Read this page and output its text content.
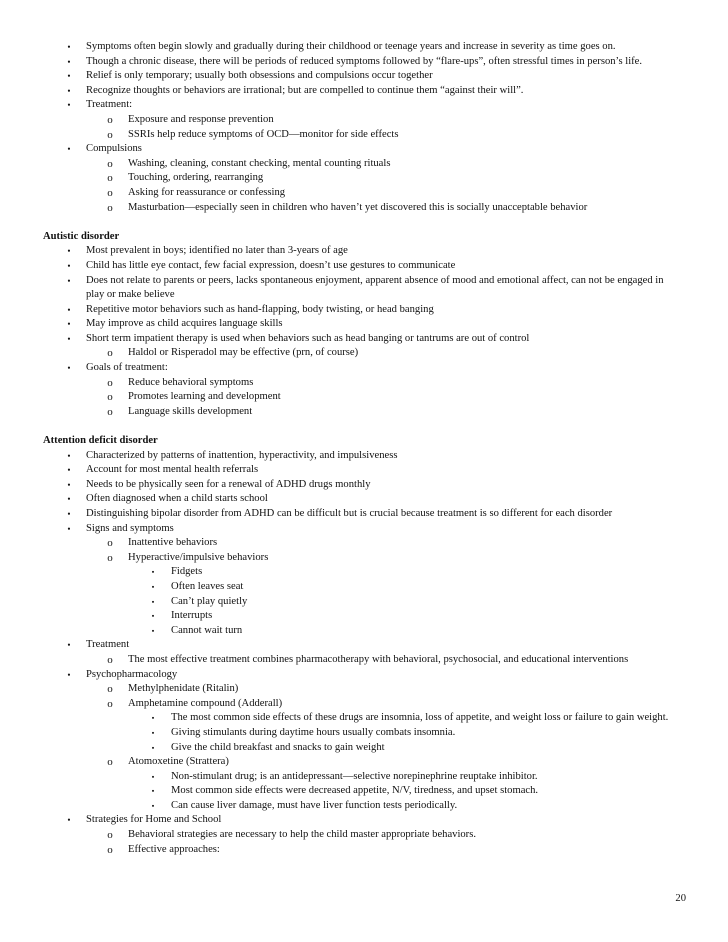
•	Symptoms often begin slowly and gradually during their childhood or teenage years and increase in severity as time goes on.
•	Though a chronic disease, there will be periods of reduced symptoms followed by “flare-ups”, often stressful times in person’s life.
•	Relief is only temporary; usually both obsessions and compulsions occur together
•	Recognize thoughts or behaviors are irrational; but are compelled to continue them “against their will”.
•	Treatment:
o	Exposure and response prevention
o	SSRIs help reduce symptoms of OCD—monitor for side effects
•	Compulsions
o	Washing, cleaning, constant checking, mental counting rituals
o	Touching, ordering, rearranging
o	Asking for reassurance or confessing
o	Masturbation—especially seen in children who haven’t yet discovered this is socially unacceptable behavior
Autistic disorder
•	Most prevalent in boys; identified no later than 3-years of age
•	Child has little eye contact, few facial expression, doesn’t use gestures to communicate
•	Does not relate to parents or peers, lacks spontaneous enjoyment, apparent absence of mood and emotional affect, can not be engaged in play or make believe
•	Repetitive motor behaviors such as hand-flapping, body twisting, or head banging
•	May improve as child acquires language skills
•	Short term impatient therapy is used when behaviors such as head banging or tantrums are out of control
o	Haldol or Risperadol may be effective (prn, of course)
•	Goals of treatment:
o	Reduce behavioral symptoms
o	Promotes learning and development
o	Language skills development
Attention deficit disorder
•	Characterized by patterns of inattention, hyperactivity, and impulsiveness
•	Account for most mental health referrals
•	Needs to be physically seen for a renewal of ADHD drugs monthly
•	Often diagnosed when a child starts school
•	Distinguishing bipolar disorder from ADHD can be difficult but is crucial because treatment is so different for each disorder
•	Signs and symptoms
o	Inattentive behaviors
o	Hyperactive/impulsive behaviors
▪	Fidgets
▪	Often leaves seat
▪	Can’t play quietly
▪	Interrupts
▪	Cannot wait turn
•	Treatment
o	The most effective treatment combines pharmacotherapy with behavioral, psychosocial, and educational interventions
•	Psychopharmacology
o	Methylphenidate (Ritalin)
o	Amphetamine compound (Adderall)
▪	The most common side effects of these drugs are insomnia, loss of appetite, and weight loss or failure to gain weight.
▪	Giving stimulants during daytime hours usually combats insomnia.
▪	Give the child breakfast and snacks to gain weight
o	Atomoxetine (Strattera)
▪	Non-stimulant drug; is an antidepressant—selective norepinephrine reuptake inhibitor.
▪	Most common side effects were decreased appetite, N/V, tiredness, and upset stomach.
▪	Can cause liver damage, must have liver function tests periodically.
•	Strategies for Home and School
o	Behavioral strategies are necessary to help the child master appropriate behaviors.
o	Effective approaches:
20
